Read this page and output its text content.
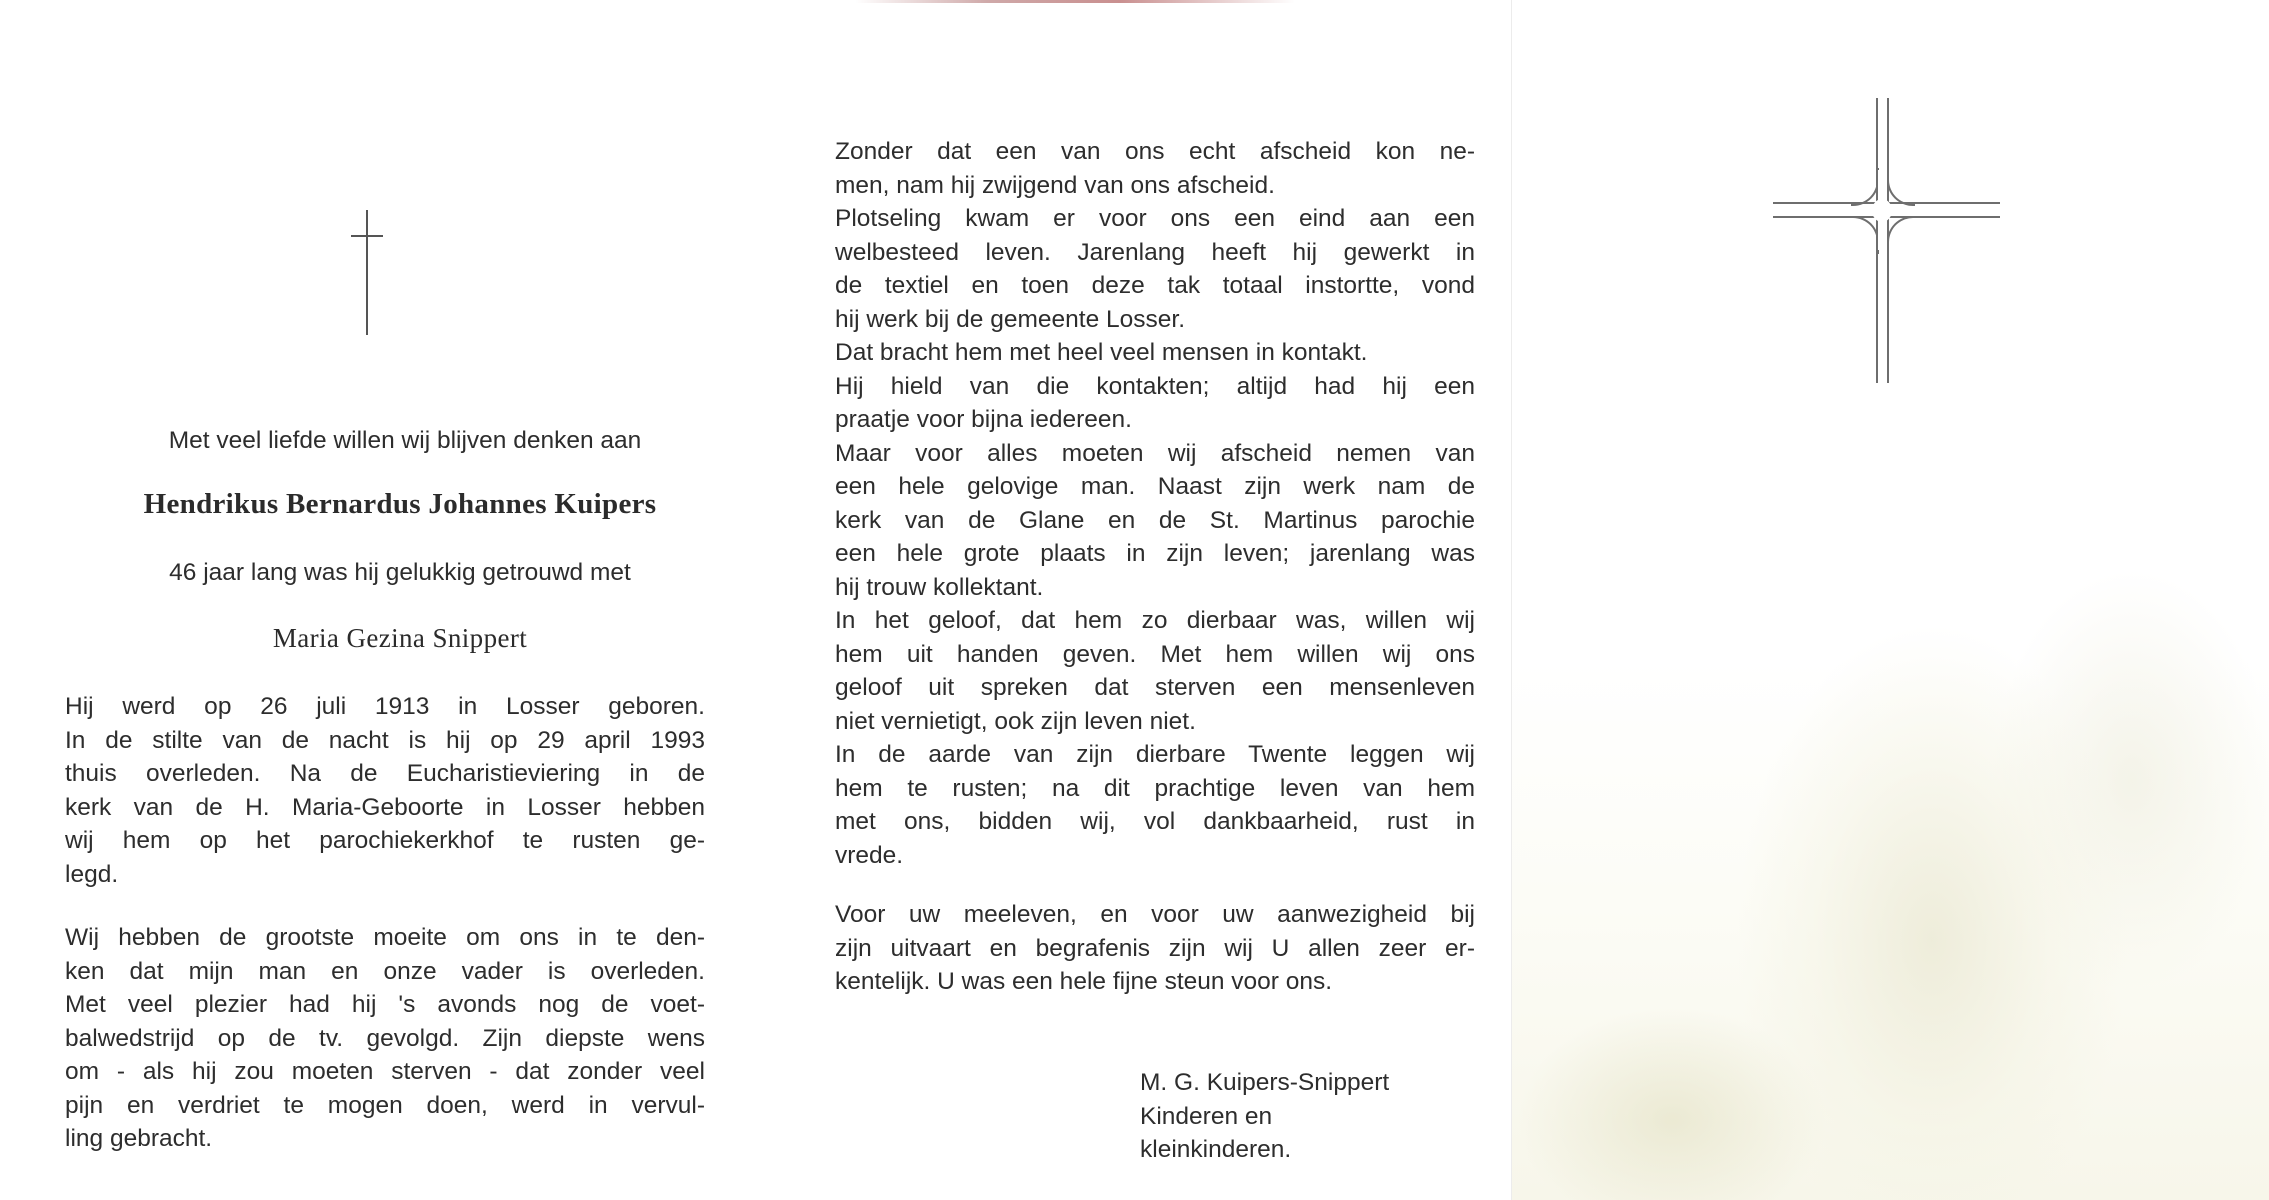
Met veel liefde willen wij blijven denken aan

Hendrikus Bernardus Johannes Kuipers

46 jaar lang was hij gelukkig getrouwd met

Maria Gezina Snippert

Hij werd op 26 juli 1913 in Losser geboren.
In de stilte van de nacht is hij op 29 april 1993
thuis overleden. Na de Eucharistieviering in de
kerk van de H. Maria-Geboorte in Losser hebben
wij hem op het parochiekerkhof te rusten ge-
legd.
Wij hebben de grootste moeite om ons in te den-
ken dat mijn man en onze vader is overleden.
Met veel plezier had hij 's avonds nog de voet-
balwedstrijd op de tv. gevolgd. Zijn diepste wens
om - als hij zou moeten sterven - dat zonder veel
pijn en verdriet te mogen doen, werd in vervul-
ling gebracht.
Zonder dat een van ons echt afscheid kon ne-
men, nam hij zwijgend van ons afscheid.
Plotseling kwam er voor ons een eind aan een
welbesteed leven. Jarenlang heeft hij gewerkt in
de textiel en toen deze tak totaal instortte, vond
hij werk bij de gemeente Losser.
Dat bracht hem met heel veel mensen in kontakt.
Hij hield van die kontakten; altijd had hij een
praatje voor bijna iedereen.
Maar voor alles moeten wij afscheid nemen van
een hele gelovige man. Naast zijn werk nam de
kerk van de Glane en de St. Martinus parochie
een hele grote plaats in zijn leven; jarenlang was
hij trouw kollektant.
In het geloof, dat hem zo dierbaar was, willen wij
hem uit handen geven. Met hem willen wij ons
geloof uit spreken dat sterven een mensenleven
niet vernietigt, ook zijn leven niet.
In de aarde van zijn dierbare Twente leggen wij
hem te rusten; na dit prachtige leven van hem
met ons, bidden wij, vol dankbaarheid, rust in
vrede.
Voor uw meeleven, en voor uw aanwezigheid bij
zijn uitvaart en begrafenis zijn wij U allen zeer er-
kentelijk. U was een hele fijne steun voor ons.
M. G. Kuipers-Snippert
Kinderen en
kleinkinderen.
